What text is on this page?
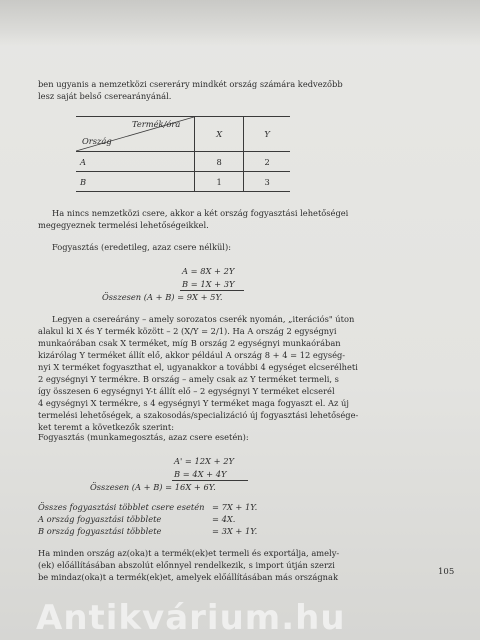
ben ugyanis a nemzetközi csereráry mindkét ország számára kedvezőbb
lesz saját belső cserearányánál.
Termék/óra
Ország	X	Y
A	8	2
B	1	3
Ha nincs nemzetközi csere, akkor a két ország fogyasztási lehetőségei
megegyeznek termelési lehetőségeikkel.
Fogyasztás (eredetileg, azaz csere nélkül):
A = 8X + 2Y
B = 1X + 3Y
Összesen (A + B) = 9X + 5Y.
Legyen a csereárány – amely sorozatos cserék nyomán, „iterációs" úton
alakul ki X és Y termék között – 2 (X/Y = 2/1). Ha A ország 2 egységnyi
munkaórában csak X terméket, míg B ország 2 egységnyi munkaórában
kizárólag Y terméket állít elő, akkor például A ország 8 + 4 = 12 egység-
nyi X terméket fogyaszthat el, ugyanakkor a további 4 egységet elcserélheti
2 egységnyi Y termékre. B ország – amely csak az Y terméket termeli, s
így összesen 6 egységnyi Y-t állít elő – 2 egységnyi Y terméket elcserél
4 egységnyi X termékre, s 4 egységnyi Y terméket maga fogyaszt el. Az új
termelési lehetőségek, a szakosodás/specializáció új fogyasztási lehetősége-
ket teremt a következők szerint:
Fogyasztás (munkamegosztás, azaz csere esetén):
A' = 12X + 2Y
B = 4X + 4Y
Összesen (A + B) = 16X + 6Y.
Összes fogyasztási többlet csere esetén = 7X + 1Y.
A ország fogyasztási többlete	= 4X.
B ország fogyasztási többlete	= 3X + 1Y.
Ha minden ország az(oka)t a termék(ek)et termeli és exportálja, amely-
(ek) előállításában abszolút előnnyel rendelkezik, s import útján szerzi
be mindaz(oka)t a termék(ek)et, amelyek előállításában más országnak	105
Antikvárium.hu
